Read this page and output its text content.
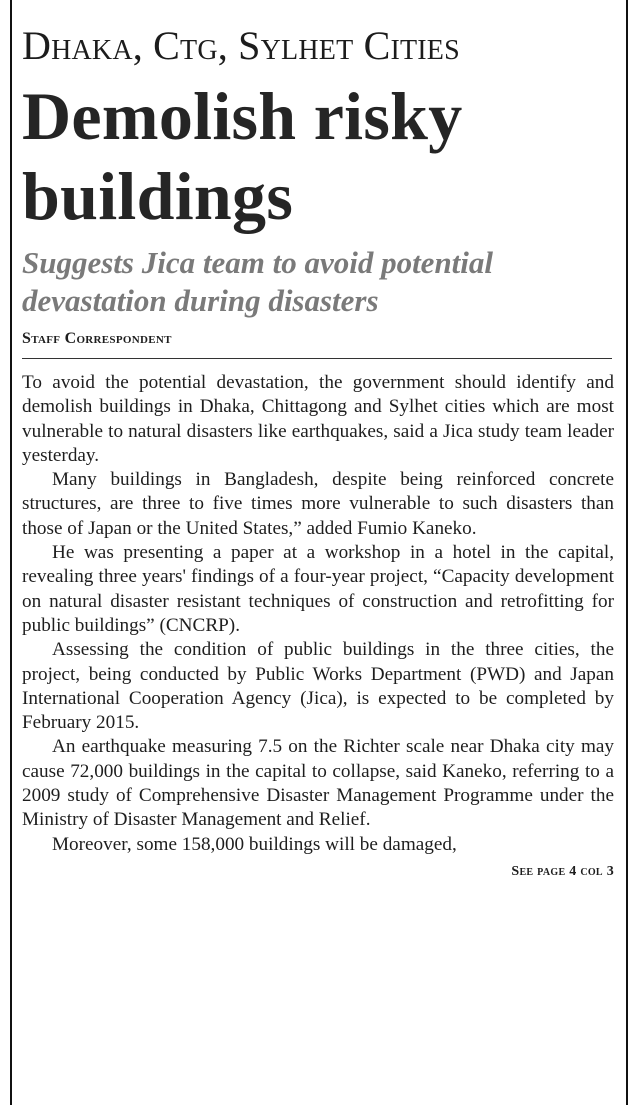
Dhaka, Ctg, Sylhet Cities
Demolish risky buildings
Suggests Jica team to avoid potential devastation during disasters
Staff Correspondent

To avoid the potential devastation, the government should identify and demolish buildings in Dhaka, Chittagong and Sylhet cities which are most vulnerable to natural disasters like earthquakes, said a Jica study team leader yesterday.

Many buildings in Bangladesh, despite being reinforced concrete structures, are three to five times more vulnerable to such disasters than those of Japan or the United States,” added Fumio Kaneko.

He was presenting a paper at a workshop in a hotel in the capital, revealing three years' findings of a four-year project, “Capacity development on natural disaster resistant techniques of construction and retrofitting for public buildings” (CNCRP).

Assessing the condition of public buildings in the three cities, the project, being conducted by Public Works Department (PWD) and Japan International Cooperation Agency (Jica), is expected to be completed by February 2015.

An earthquake measuring 7.5 on the Richter scale near Dhaka city may cause 72,000 buildings in the capital to collapse, said Kaneko, referring to a 2009 study of Comprehensive Disaster Management Programme under the Ministry of Disaster Management and Relief.

Moreover, some 158,000 buildings will be damaged,

See page 4 col 3
